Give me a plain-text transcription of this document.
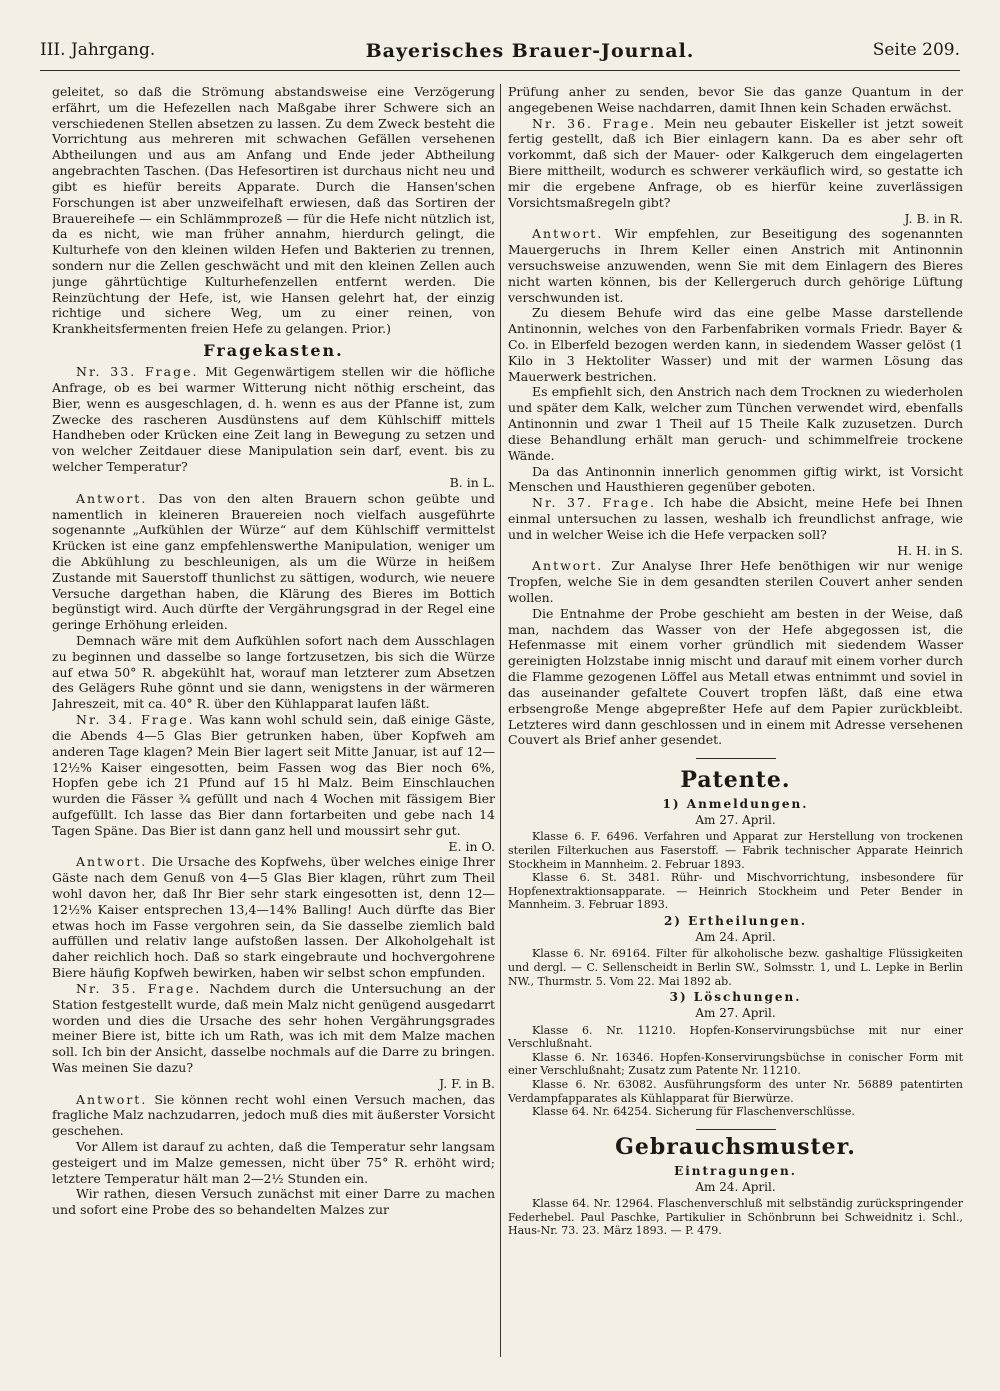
III. Jahrgang.	Bayerisches Brauer-Journal.	Seite 209.

geleitet, so daß die Strömung abstandsweise eine Verzögerung erfährt, um die Hefezellen nach Maßgabe ihrer Schwere sich an verschiedenen Stellen absetzen zu lassen. Zu dem Zweck besteht die Vorrichtung aus mehreren mit schwachen Gefällen versehenen Abtheilungen und aus am Anfang und Ende jeder Abtheilung angebrachten Taschen. (Das Hefesortiren ist durchaus nicht neu und gibt es hiefür bereits Apparate. Durch die Hansen'schen Forschungen ist aber unzweifelhaft erwiesen, daß das Sortiren der Brauereihefe — ein Schlämmprozeß — für die Hefe nicht nützlich ist, da es nicht, wie man früher annahm, hierdurch gelingt, die Kulturhefe von den kleinen wilden Hefen und Bakterien zu trennen, sondern nur die Zellen geschwächt und mit den kleinen Zellen auch junge gährtüchtige Kulturhefenzellen entfernt werden. Die Reinzüchtung der Hefe, ist, wie Hansen gelehrt hat, der einzig richtige und sichere Weg, um zu einer reinen, von Krankheitsfermenten freien Hefe zu gelangen. Prior.)

Fragekasten.

Nr. 33. Frage. Mit Gegenwärtigem stellen wir die höfliche Anfrage, ob es bei warmer Witterung nicht nöthig erscheint, das Bier, wenn es ausgeschlagen, d. h. wenn es aus der Pfanne ist, zum Zwecke des rascheren Ausdünstens auf dem Kühlschiff mittels Handheben oder Krücken eine Zeit lang in Bewegung zu setzen und von welcher Zeitdauer diese Manipulation sein darf, event. bis zu welcher Temperatur?

B. in L.

Antwort. Das von den alten Brauern schon geübte und namentlich in kleineren Brauereien noch vielfach ausgeführte sogenannte „Aufkühlen der Würze“ auf dem Kühlschiff vermittelst Krücken ist eine ganz empfehlenswerthe Manipulation, weniger um die Abkühlung zu beschleunigen, als um die Würze in heißem Zustande mit Sauerstoff thunlichst zu sättigen, wodurch, wie neuere Versuche dargethan haben, die Klärung des Bieres im Bottich begünstigt wird. Auch dürfte der Vergährungsgrad in der Regel eine geringe Erhöhung erleiden.

Demnach wäre mit dem Aufkühlen sofort nach dem Ausschlagen zu beginnen und dasselbe so lange fortzusetzen, bis sich die Würze auf etwa 50° R. abgekühlt hat, worauf man letzterer zum Absetzen des Gelägers Ruhe gönnt und sie dann, wenigstens in der wärmeren Jahreszeit, mit ca. 40° R. über den Kühlapparat laufen läßt.

Nr. 34. Frage. Was kann wohl schuld sein, daß einige Gäste, die Abends 4—5 Glas Bier getrunken haben, über Kopfweh am anderen Tage klagen? Mein Bier lagert seit Mitte Januar, ist auf 12—12½% Kaiser eingesotten, beim Fassen wog das Bier noch 6%, Hopfen gebe ich 21 Pfund auf 15 hl Malz. Beim Einschlauchen wurden die Fässer ¾ gefüllt und nach 4 Wochen mit fässigem Bier aufgefüllt. Ich lasse das Bier dann fortarbeiten und gebe nach 14 Tagen Späne. Das Bier ist dann ganz hell und moussirt sehr gut.

E. in O.

Antwort. Die Ursache des Kopfwehs, über welches einige Ihrer Gäste nach dem Genuß von 4—5 Glas Bier klagen, rührt zum Theil wohl davon her, daß Ihr Bier sehr stark eingesotten ist, denn 12—12½% Kaiser entsprechen 13,4—14% Balling! Auch dürfte das Bier etwas hoch im Fasse vergohren sein, da Sie dasselbe ziemlich bald auffüllen und relativ lange aufstoßen lassen. Der Alkoholgehalt ist daher reichlich hoch. Daß so stark eingebraute und hochvergohrene Biere häufig Kopfweh bewirken, haben wir selbst schon empfunden.

Nr. 35. Frage. Nachdem durch die Untersuchung an der Station festgestellt wurde, daß mein Malz nicht genügend ausgedarrt worden und dies die Ursache des sehr hohen Vergährungsgrades meiner Biere ist, bitte ich um Rath, was ich mit dem Malze machen soll. Ich bin der Ansicht, dasselbe nochmals auf die Darre zu bringen. Was meinen Sie dazu?

J. F. in B.

Antwort. Sie können recht wohl einen Versuch machen, das fragliche Malz nachzudarren, jedoch muß dies mit äußerster Vorsicht geschehen.

Vor Allem ist darauf zu achten, daß die Temperatur sehr langsam gesteigert und im Malze gemessen, nicht über 75° R. erhöht wird; letztere Temperatur hält man 2—2½ Stunden ein.

Wir rathen, diesen Versuch zunächst mit einer Darre zu machen und sofort eine Probe des so behandelten Malzes zur

Prüfung anher zu senden, bevor Sie das ganze Quantum in der angegebenen Weise nachdarren, damit Ihnen kein Schaden erwächst.

Nr. 36. Frage. Mein neu gebauter Eiskeller ist jetzt soweit fertig gestellt, daß ich Bier einlagern kann. Da es aber sehr oft vorkommt, daß sich der Mauer- oder Kalkgeruch dem eingelagerten Biere mittheilt, wodurch es schwerer verkäuflich wird, so gestatte ich mir die ergebene Anfrage, ob es hierfür keine zuverlässigen Vorsichtsmaßregeln gibt?

J. B. in R.

Antwort. Wir empfehlen, zur Beseitigung des sogenannten Mauergeruchs in Ihrem Keller einen Anstrich mit Antinonnin versuchsweise anzuwenden, wenn Sie mit dem Einlagern des Bieres nicht warten können, bis der Kellergeruch durch gehörige Lüftung verschwunden ist.

Zu diesem Behufe wird das eine gelbe Masse darstellende Antinonnin, welches von den Farbenfabriken vormals Friedr. Bayer & Co. in Elberfeld bezogen werden kann, in siedendem Wasser gelöst (1 Kilo in 3 Hektoliter Wasser) und mit der warmen Lösung das Mauerwerk bestrichen.

Es empfiehlt sich, den Anstrich nach dem Trocknen zu wiederholen und später dem Kalk, welcher zum Tünchen verwendet wird, ebenfalls Antinonnin und zwar 1 Theil auf 15 Theile Kalk zuzusetzen. Durch diese Behandlung erhält man geruch- und schimmelfreie trockene Wände.

Da das Antinonnin innerlich genommen giftig wirkt, ist Vorsicht Menschen und Hausthieren gegenüber geboten.

Nr. 37. Frage. Ich habe die Absicht, meine Hefe bei Ihnen einmal untersuchen zu lassen, weshalb ich freundlichst anfrage, wie und in welcher Weise ich die Hefe verpacken soll?

H. H. in S.

Antwort. Zur Analyse Ihrer Hefe benöthigen wir nur wenige Tropfen, welche Sie in dem gesandten sterilen Couvert anher senden wollen.

Die Entnahme der Probe geschieht am besten in der Weise, daß man, nachdem das Wasser von der Hefe abgegossen ist, die Hefenmasse mit einem vorher gründlich mit siedendem Wasser gereinigten Holzstabe innig mischt und darauf mit einem vorher durch die Flamme gezogenen Löffel aus Metall etwas entnimmt und soviel in das auseinander gefaltete Couvert tropfen läßt, daß eine etwa erbsengroße Menge abgepreßter Hefe auf dem Papier zurückbleibt. Letzteres wird dann geschlossen und in einem mit Adresse versehenen Couvert als Brief anher gesendet.

Patente.
1) Anmeldungen.
Am 27. April.

Klasse 6. F. 6496. Verfahren und Apparat zur Herstellung von trockenen sterilen Filterkuchen aus Faserstoff. — Fabrik technischer Apparate Heinrich Stockheim in Mannheim. 2. Februar 1893.

Klasse 6. St. 3481. Rühr- und Mischvorrichtung, insbesondere für Hopfenextraktionsapparate. — Heinrich Stockheim und Peter Bender in Mannheim. 3. Februar 1893.

2) Ertheilungen.
Am 24. April.

Klasse 6. Nr. 69164. Filter für alkoholische bezw. gashaltige Flüssigkeiten und dergl. — C. Sellenscheidt in Berlin SW., Solmsstr. 1, und L. Lepke in Berlin NW., Thurmstr. 5. Vom 22. Mai 1892 ab.

3) Löschungen.
Am 27. April.

Klasse 6. Nr. 11210. Hopfen-Konservirungsbüchse mit nur einer Verschlußnaht.

Klasse 6. Nr. 16346. Hopfen-Konservirungsbüchse in conischer Form mit einer Verschlußnaht; Zusatz zum Patente Nr. 11210.

Klasse 6. Nr. 63082. Ausführungsform des unter Nr. 56889 patentirten Verdampfapparates als Kühlapparat für Bierwürze.

Klasse 64. Nr. 64254. Sicherung für Flaschenverschlüsse.

Gebrauchsmuster.
Eintragungen.
Am 24. April.

Klasse 64. Nr. 12964. Flaschenverschluß mit selbständig zurückspringender Federhebel. Paul Paschke, Partikulier in Schönbrunn bei Schweidnitz i. Schl., Haus-Nr. 73. 23. März 1893. — P. 479.
